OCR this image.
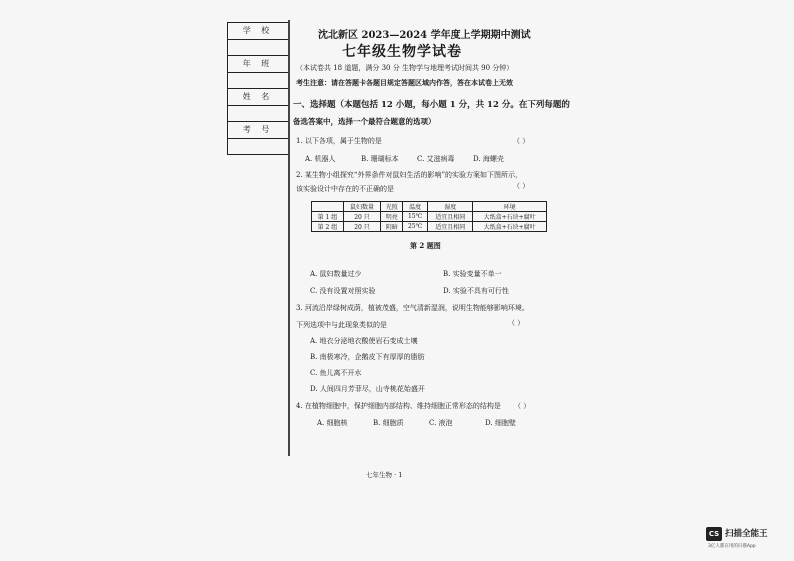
学 校
年 班
姓 名
考 号
沈北新区 2023—2024 学年度上学期期中测试
七年级生物学试卷
（本试卷共 18 道题，满分 30 分 生物学与地理考试时间共 90 分钟）
考生注意：请在答题卡各题目规定答题区域内作答，答在本试卷上无效
一、选择题（本题包括 12 小题，每小题 1 分，共 12 分。在下列每题的
备选答案中，选择一个最符合题意的选项）
1. 以下各项，属于生物的是	（ ）
A. 机器人	B. 珊瑚标本	C. 艾滋病毒	D. 海螺壳
2. 某生物小组探究“外界条件对鼠妇生活的影响”的实验方案如下图所示，
该实验设计中存在的不正确的是	（ ）
	鼠妇数量	光照	温度	湿度	环境
第 1 组	20 只	明亮	15℃	适宜且相同	大纸盒+石块+腐叶
第 2 组	20 只	阴暗	25℃	适宜且相同	大纸盒+石块+腐叶
第 2 题图
A. 鼠妇数量过少	B. 实验变量不单一
C. 没有设置对照实验	D. 实验不具有可行性
3. 河流沿岸绿树成荫，植被茂盛，空气清新湿润，说明生物能够影响环境。
下列选项中与此现象类似的是	（ ）
A. 地衣分泌地衣酸使岩石变成土壤
B. 南极寒冷，企鹅皮下有厚厚的脂肪
C. 鱼儿离不开水
D. 人间四月芳菲尽，山寺桃花始盛开
4. 在植物细胞中，保护细胞内部结构、维持细胞正常形态的结构是 （ ）
A. 细胞核	B. 细胞质	C. 液泡	D. 细胞壁
七年生物 · 1
CS 扫描全能王
3亿人都在用的扫描App
